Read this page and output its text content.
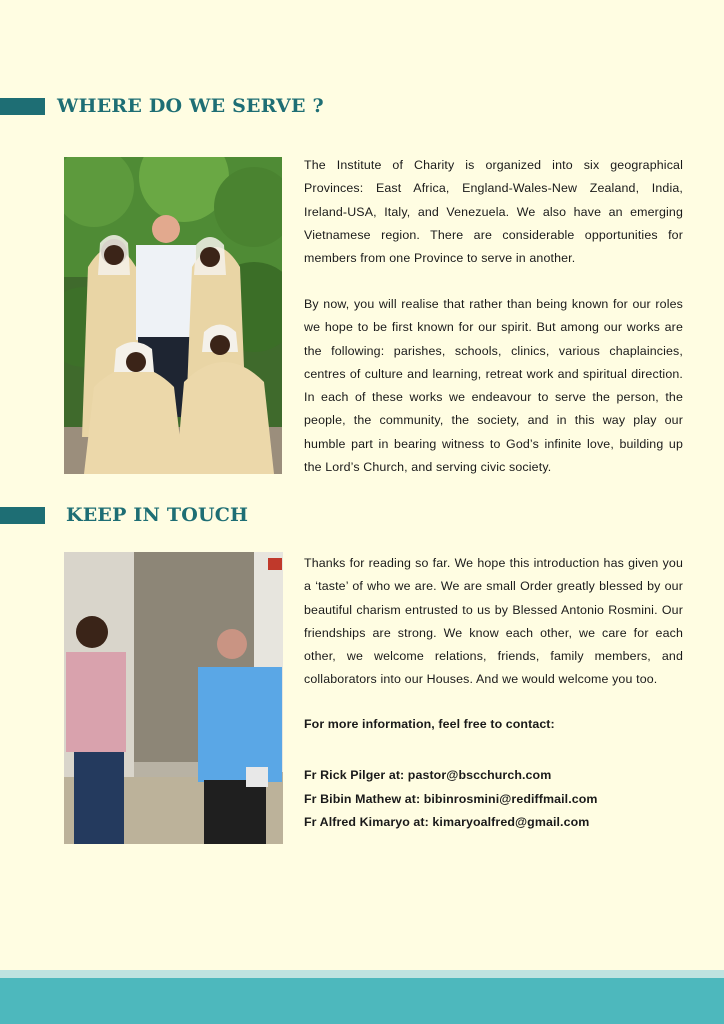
WHERE DO WE SERVE ?
The Institute of Charity is organized into six geographical Provinces: East Africa, England-Wales-New Zealand, India, Ireland-USA, Italy, and Venezuela. We also have an emerging Vietnamese region. There are considerable opportunities for members from one Province to serve in another.
By now, you will realise that rather than being known for our roles we hope to be first known for our spirit. But among our works are the following: parishes, schools, clinics, various chaplaincies, centres of culture and learning, retreat work and spiritual direction. In each of these works we endeavour to serve the person, the people, the community, the society, and in this way play our humble part in bearing witness to God’s infinite love, building up the Lord’s Church, and serving civic society.
KEEP IN TOUCH
Thanks for reading so far. We hope this introduction has given you a ‘taste’ of who we are. We are small Order greatly blessed by our beautiful charism entrusted to us by Blessed Antonio Rosmini. Our friendships are strong. We know each other, we care for each other, we welcome relations, friends, family members, and collaborators into our Houses. And we would welcome you too.
For more information, feel free to contact:
Fr Rick Pilger at: pastor@bscchurch.com
Fr Bibin Mathew at: bibinrosmini@rediffmail.com
Fr Alfred Kimaryo at: kimaryoalfred@gmail.com
